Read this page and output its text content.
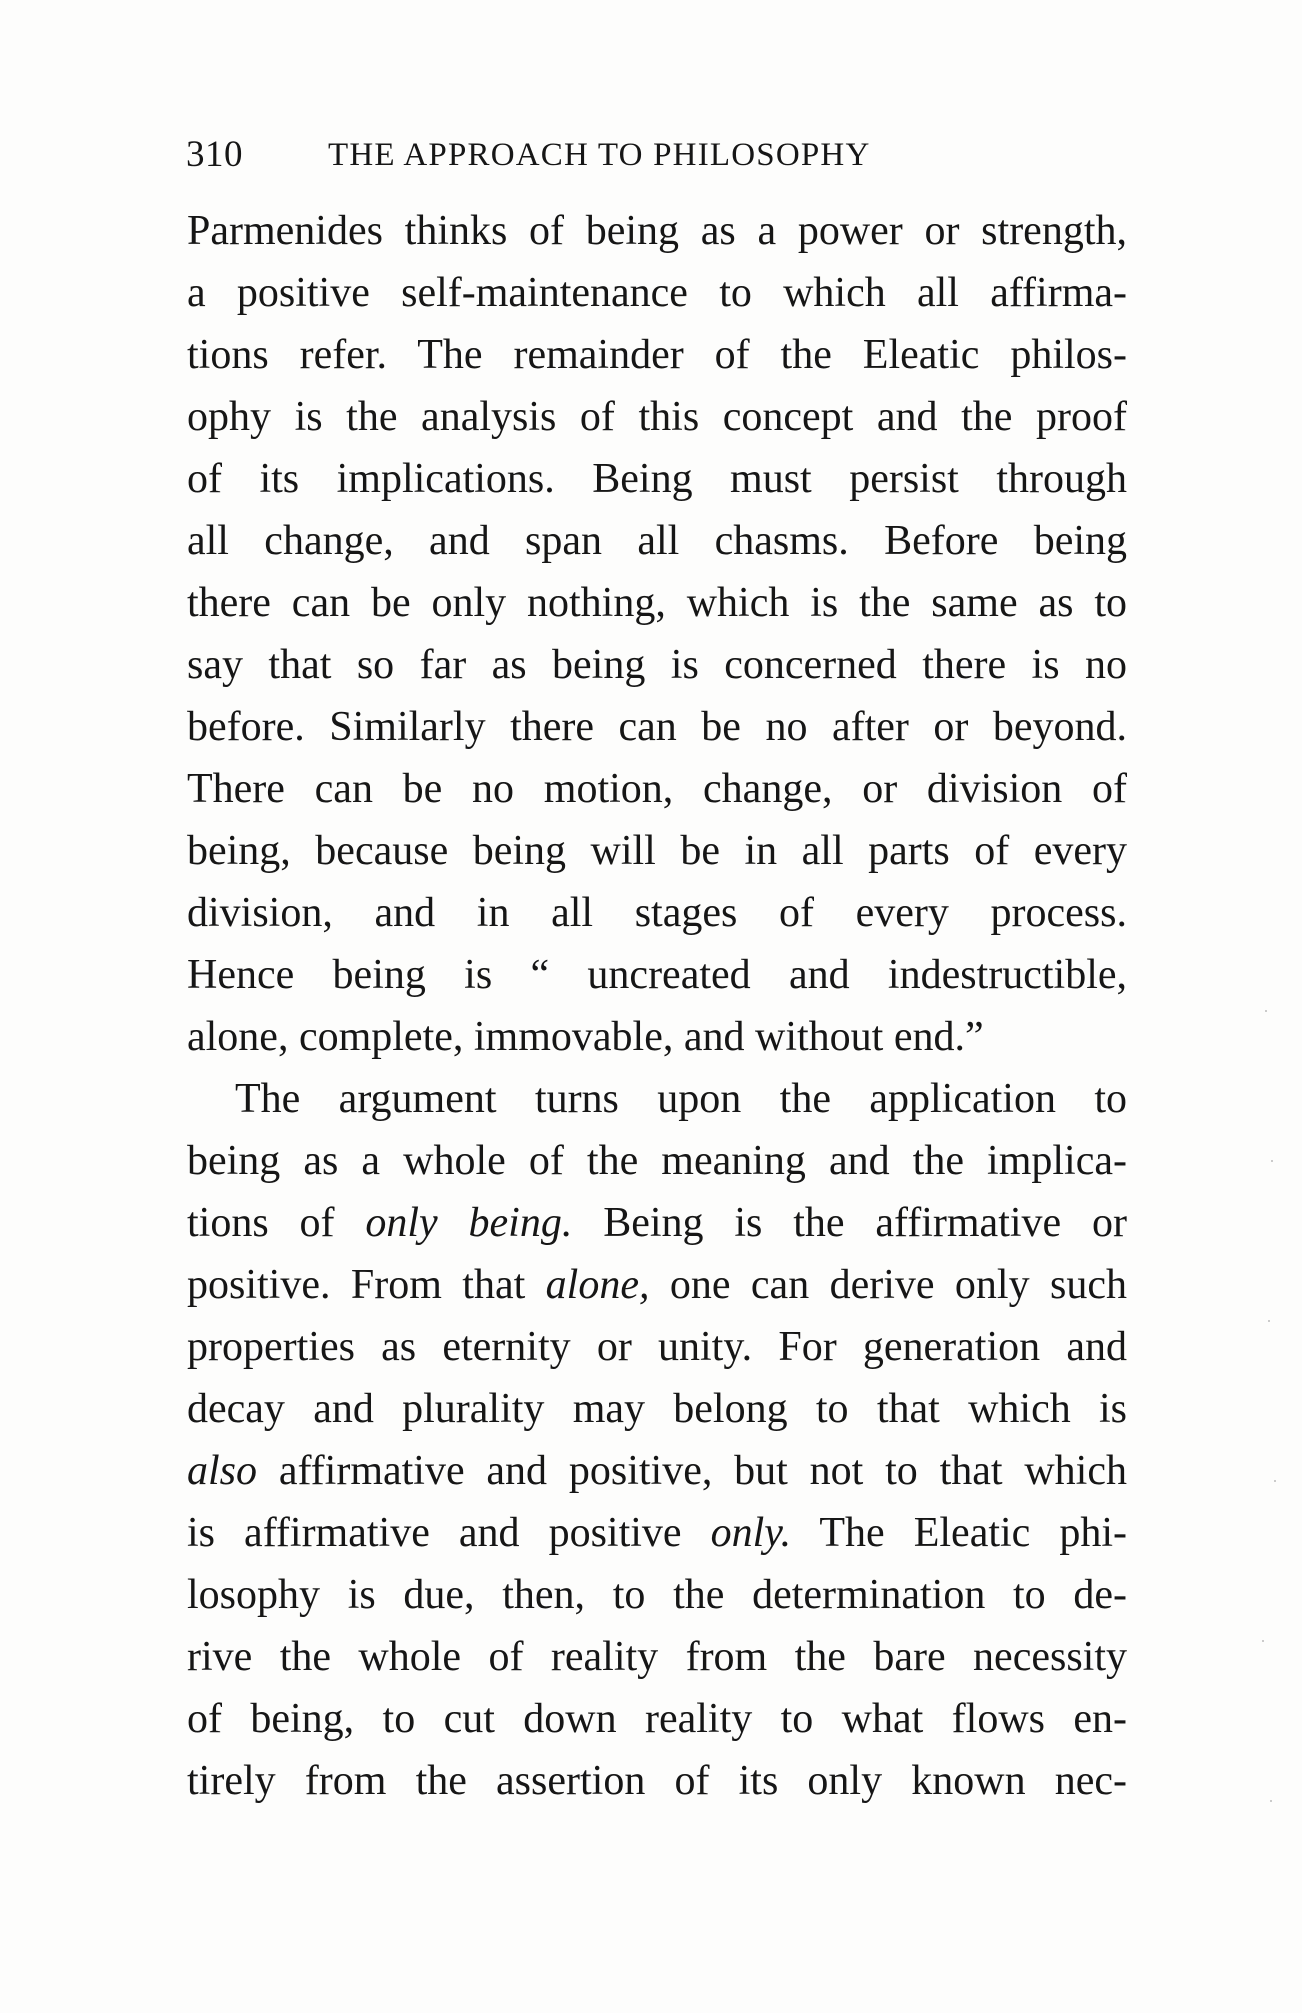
310	THE APPROACH TO PHILOSOPHY
Parmenides thinks of being as a power or strength,
a positive self-maintenance to which all affirma-
tions refer. The remainder of the Eleatic philos-
ophy is the analysis of this concept and the proof
of its implications. Being must persist through
all change, and span all chasms. Before being
there can be only nothing, which is the same as to
say that so far as being is concerned there is no
before. Similarly there can be no after or beyond.
There can be no motion, change, or division of
being, because being will be in all parts of every
division, and in all stages of every process.
Hence being is “ uncreated and indestructible,
alone, complete, immovable, and without end.”
The argument turns upon the application to
being as a whole of the meaning and the implica-
tions of only being. Being is the affirmative or
positive. From that alone, one can derive only such
properties as eternity or unity. For generation and
decay and plurality may belong to that which is
also affirmative and positive, but not to that which
is affirmative and positive only. The Eleatic phi-
losophy is due, then, to the determination to de-
rive the whole of reality from the bare necessity
of being, to cut down reality to what flows en-
tirely from the assertion of its only known nec-
